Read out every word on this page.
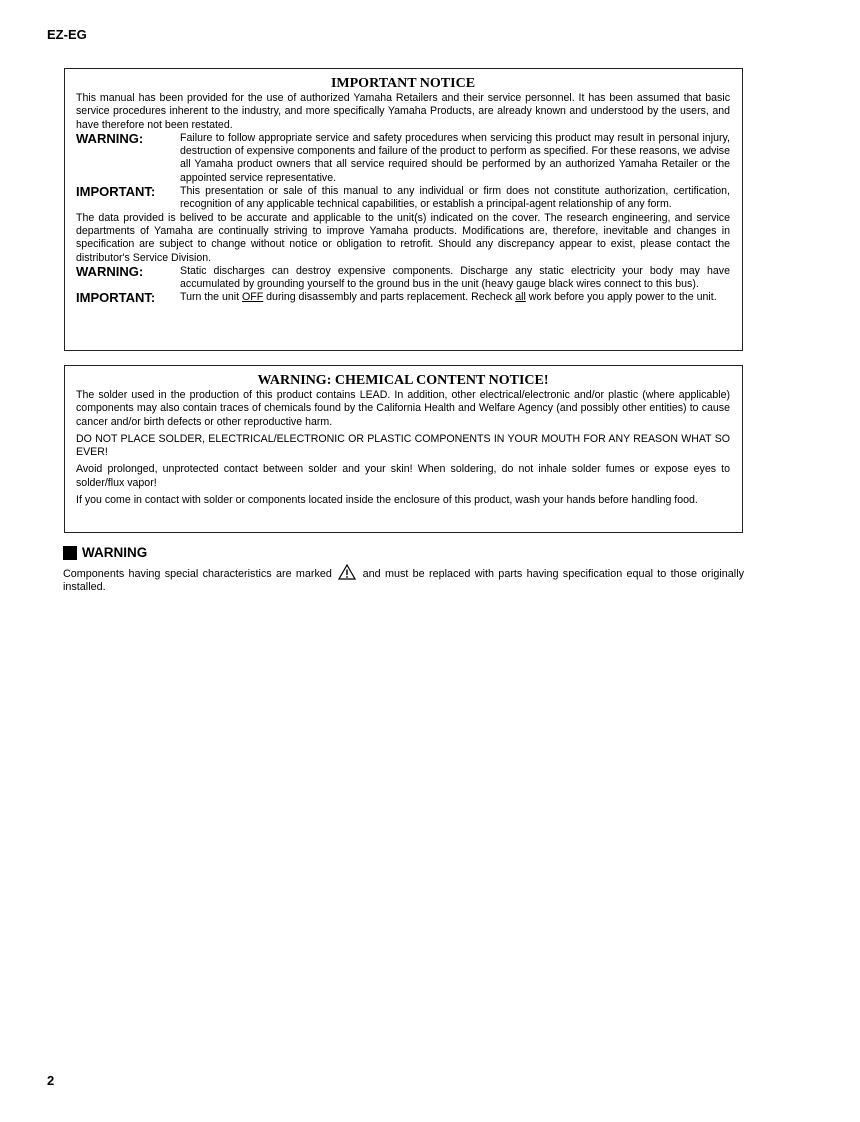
EZ-EG
IMPORTANT NOTICE

This manual has been provided for the use of authorized Yamaha Retailers and their service personnel. It has been assumed that basic service procedures inherent to the industry, and more specifically Yamaha Products, are already known and understood by the users, and have therefore not been restated.

WARNING:	Failure to follow appropriate service and safety procedures when servicing this product may result in personal injury, destruction of expensive components and failure of the product to perform as specified. For these reasons, we advise all Yamaha product owners that all service required should be performed by an authorized Yamaha Retailer or the appointed service representative.
IMPORTANT:	This presentation or sale of this manual to any individual or firm does not constitute authorization, certification, recognition of any applicable technical capabilities, or establish a principal-agent relationship of any form.

The data provided is belived to be accurate and applicable to the unit(s) indicated on the cover. The research engineering, and service departments of Yamaha are continually striving to improve Yamaha products. Modifications are, therefore, inevitable and changes in specification are subject to change without notice or obligation to retrofit. Should any discrepancy appear to exist, please contact the distributor's Service Division.

WARNING:	Static discharges can destroy expensive components. Discharge any static electricity your body may have accumulated by grounding yourself to the ground bus in the unit (heavy gauge black wires connect to this bus).
IMPORTANT:	Turn the unit OFF during disassembly and parts replacement. Recheck all work before you apply power to the unit.
WARNING: CHEMICAL CONTENT NOTICE!

The solder used in the production of this product contains LEAD. In addition, other electrical/electronic and/or plastic (where applicable) components may also contain traces of chemicals found by the California Health and Welfare Agency (and possibly other entities) to cause cancer and/or birth defects or other reproductive harm.

DO NOT PLACE SOLDER, ELECTRICAL/ELECTRONIC OR PLASTIC COMPONENTS IN YOUR MOUTH FOR ANY REASON WHAT SO EVER!

Avoid prolonged, unprotected contact between solder and your skin! When soldering, do not inhale solder fumes or expose eyes to solder/flux vapor!

If you come in contact with solder or components located inside the enclosure of this product, wash your hands before handling food.

WARNING
Components having special characteristics are marked  and must be replaced with parts having specification equal to those originally installed.
2
